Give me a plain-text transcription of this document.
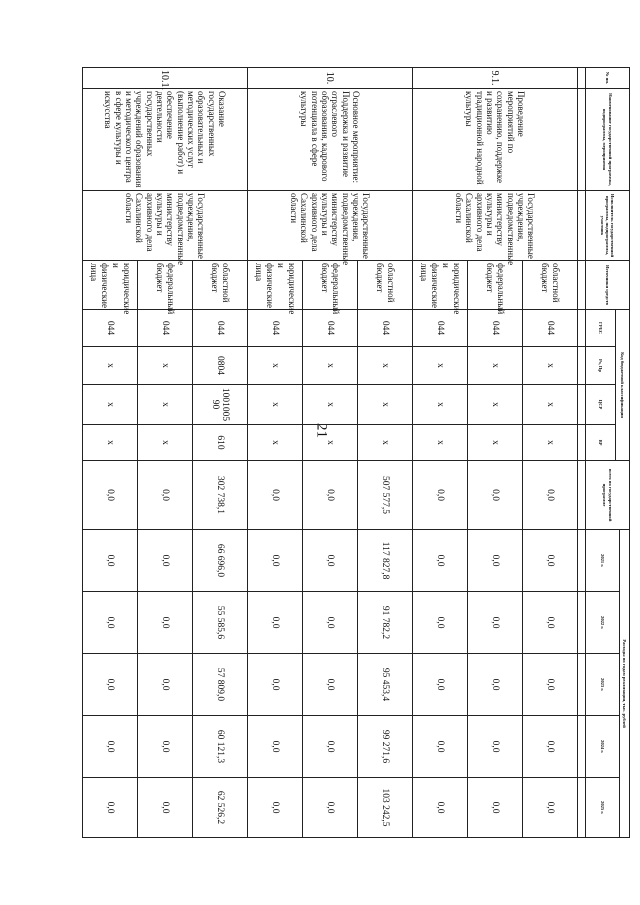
21
№ пп.	Наименование государственной программы, подпрограммы, мероприятия	Исполнитель государственной программы, подпрограммы, участник	Источники средств	Код бюджетной классификации				всего по государственной программе	Расходы по годам реализации, тыс. рублей				
									2021 г.	2022 г.	2023 г.	2024 г.	2025 г.
				ГРБС	Рз, Пр	ЦСР	ВР						

9.1.	Проведение мероприятий по сохранению, поддержке и развитию традиционной народной культуры	Государственные учреждения, подведомственные министерству культуры и архивного дела Сахалинской области	областной бюджет	044	x	x	x	0,0	0,0	0,0	0,0	0,0	0,0
			федеральный бюджет	044	x	x	x	0,0	0,0	0,0	0,0	0,0	0,0
			юридические и физические лица	044	x	x	x	0,0	0,0	0,0	0,0	0,0	0,0
10.	Основное мероприятие: Поддержка и развитие отраслевого образования, кадрового потенциала в сфере культуры	Государственные учреждения, подведомственные министерству культуры и архивного дела Сахалинской области	областной бюджет	044	x	x	x	507 577,5	117 827,8	91 782,2	95 453,4	99 271,6	103 242,5
			федеральный бюджет	044	x	x	x	0,0	0,0	0,0	0,0	0,0	0,0
			юридические и физические лица	044	x	x	x	0,0	0,0	0,0	0,0	0,0	0,0
10.1.	Оказание государственных образовательных и методических услуг (выполнение работ) и обеспечение деятельности государственных учреждений образования и методического центра в сфере культуры и искусства	Государственные учреждения, подведомственные министерству культуры и архивного дела Сахалинской области	областной бюджет	044	0804	1001005 90	610	302 738,1	66 696,0	55 585,6	57 809,0	60 121,3	62 526,2
			федеральный бюджет	044	x	x	x	0,0	0,0	0,0	0,0	0,0	0,0
			юридические и физические лица	044	x	x	x	0,0	0,0	0,0	0,0	0,0	0,0
